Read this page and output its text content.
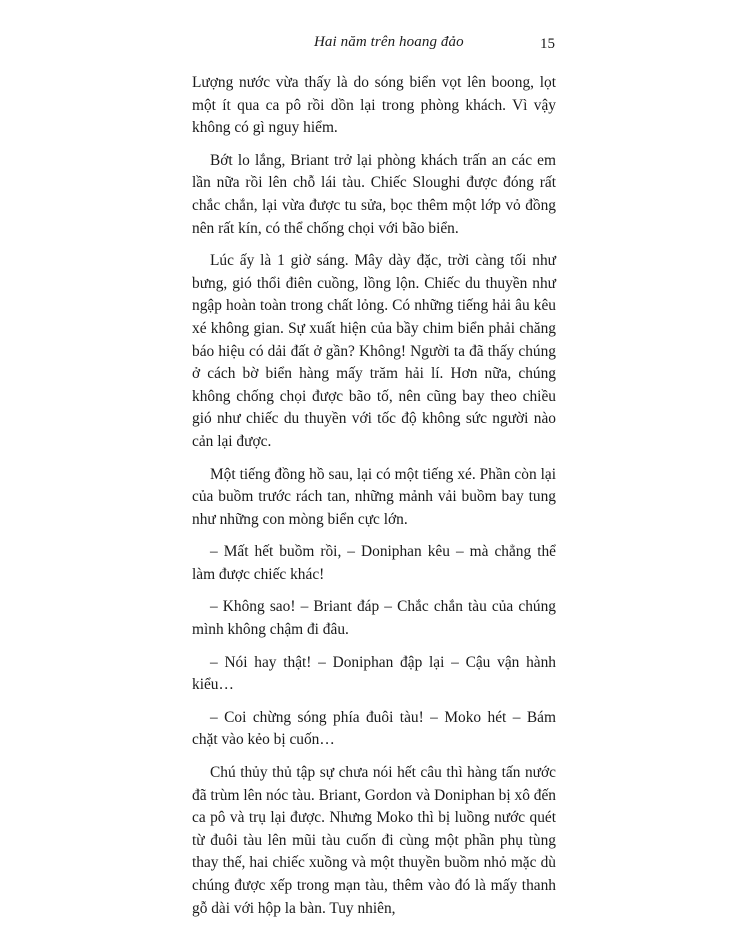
Hai năm trên hoang đảo	15

Lượng nước vừa thấy là do sóng biển vọt lên boong, lọt một ít qua ca pô rồi dồn lại trong phòng khách. Vì vậy không có gì nguy hiểm.

Bớt lo lắng, Briant trở lại phòng khách trấn an các em lần nữa rồi lên chỗ lái tàu. Chiếc Sloughi được đóng rất chắc chắn, lại vừa được tu sửa, bọc thêm một lớp vỏ đồng nên rất kín, có thể chống chọi với bão biển.

Lúc ấy là 1 giờ sáng. Mây dày đặc, trời càng tối như bưng, gió thổi điên cuồng, lồng lộn. Chiếc du thuyền như ngập hoàn toàn trong chất lỏng. Có những tiếng hải âu kêu xé không gian. Sự xuất hiện của bầy chim biển phải chăng báo hiệu có dải đất ở gần? Không! Người ta đã thấy chúng ở cách bờ biển hàng mấy trăm hải lí. Hơn nữa, chúng không chống chọi được bão tố, nên cũng bay theo chiều gió như chiếc du thuyền với tốc độ không sức người nào cản lại được.

Một tiếng đồng hồ sau, lại có một tiếng xé. Phần còn lại của buồm trước rách tan, những mảnh vải buồm bay tung như những con mòng biển cực lớn.

– Mất hết buồm rồi, – Doniphan kêu – mà chẳng thể làm được chiếc khác!

– Không sao! – Briant đáp – Chắc chắn tàu của chúng mình không chậm đi đâu.

– Nói hay thật! – Doniphan đập lại – Cậu vận hành kiểu…

– Coi chừng sóng phía đuôi tàu! – Moko hét – Bám chặt vào kẻo bị cuốn…

Chú thủy thủ tập sự chưa nói hết câu thì hàng tấn nước đã trùm lên nóc tàu. Briant, Gordon và Doniphan bị xô đến ca pô và trụ lại được. Nhưng Moko thì bị luồng nước quét từ đuôi tàu lên mũi tàu cuốn đi cùng một phần phụ tùng thay thế, hai chiếc xuồng và một thuyền buồm nhỏ mặc dù chúng được xếp trong mạn tàu, thêm vào đó là mấy thanh gỗ dài với hộp la bàn. Tuy nhiên,
